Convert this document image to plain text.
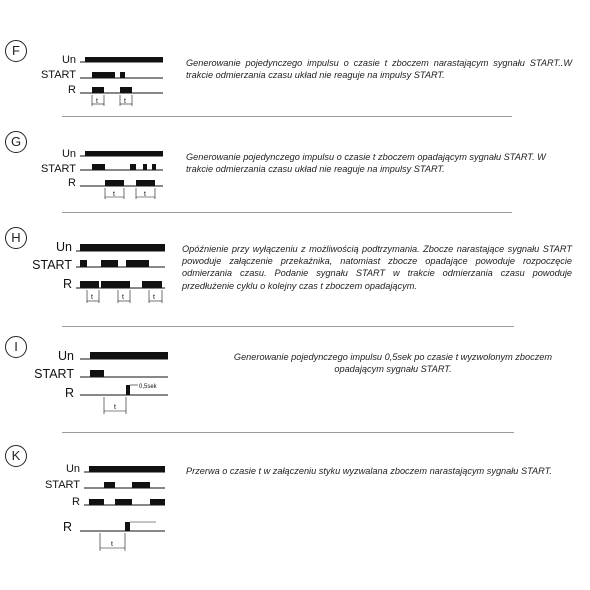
F
Un
START
R
t	t
Generowanie pojedynczego impulsu o czasie t zboczem narastającym sygnału START..W trakcie odmierzania czasu układ nie reaguje na impulsy START.
G
Un
START
R
t	t
Generowanie pojedynczego impulsu o czasie t zboczem opadającym sygnału START. W trakcie odmierzania czasu układ nie reaguje na impulsy START.
H
Un
START
R
t	t	t
Opóźnienie przy wyłączeniu z możliwością podtrzymania. Zbocze narastające sygnału START powoduje załączenie przekaźnika, natomiast zbocze opadające powoduje rozpoczęcie odmierzania czasu. Podanie sygnału START w trakcie odmierzania czasu powoduje przedłużenie cyklu o kolejny czas t zboczem opadającym.
I
Un
START
R
t
0,5sek
Generowanie pojedynczego impulsu 0,5sek po czasie t wyzwolonym zboczem opadającym sygnału START.
K
Un
START
R
R
t
Przerwa o czasie t w załączeniu styku wyzwalana zboczem narastającym sygnału START.
